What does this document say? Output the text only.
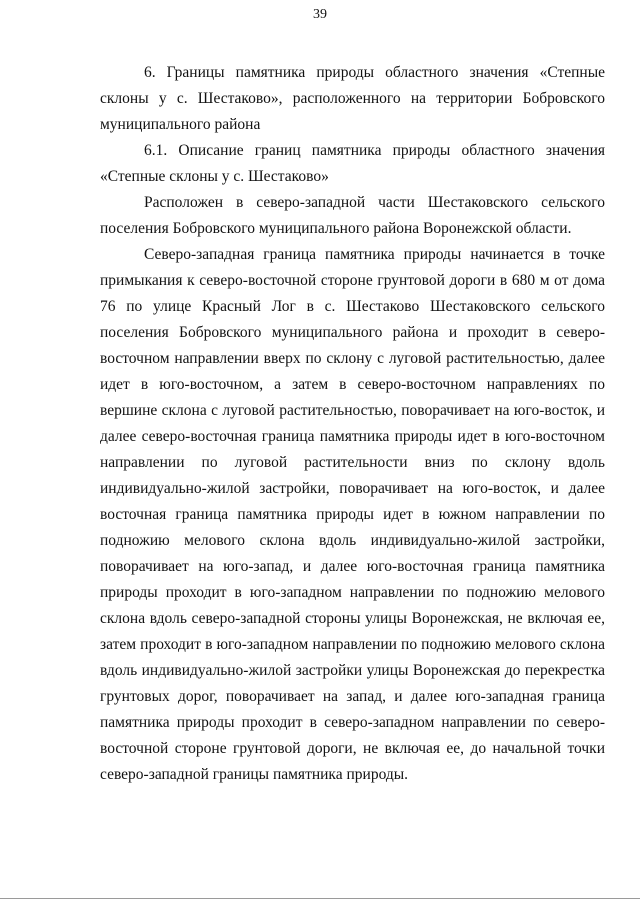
39

6. Границы памятника природы областного значения «Степные склоны у с. Шестаково», расположенного на территории Бобровского муниципального района

6.1. Описание границ памятника природы областного значения «Степные склоны у с. Шестаково»

Расположен в северо-западной части Шестаковского сельского поселения Бобровского муниципального района Воронежской области.

Северо-западная граница памятника природы начинается в точке примыкания к северо-восточной стороне грунтовой дороги в 680 м от дома 76 по улице Красный Лог в с. Шестаково Шестаковского сельского поселения Бобровского муниципального района и проходит в северо-восточном направлении вверх по склону с луговой растительностью, далее идет в юго-восточном, а затем в северо-восточном направлениях по вершине склона с луговой растительностью, поворачивает на юго-восток, и далее северо-восточная граница памятника природы идет в юго-восточном направлении по луговой растительности вниз по склону вдоль индивидуально-жилой застройки, поворачивает на юго-восток, и далее восточная граница памятника природы идет в южном направлении по подножию мелового склона вдоль индивидуально-жилой застройки, поворачивает на юго-запад, и далее юго-восточная граница памятника природы проходит в юго-западном направлении по подножию мелового склона вдоль северо-западной стороны улицы Воронежская, не включая ее, затем проходит в юго-западном направлении по подножию мелового склона вдоль индивидуально-жилой застройки улицы Воронежская до перекрестка грунтовых дорог, поворачивает на запад, и далее юго-западная граница памятника природы проходит в северо-западном направлении по северо-восточной стороне грунтовой дороги, не включая ее, до начальной точки северо-западной границы памятника природы.
